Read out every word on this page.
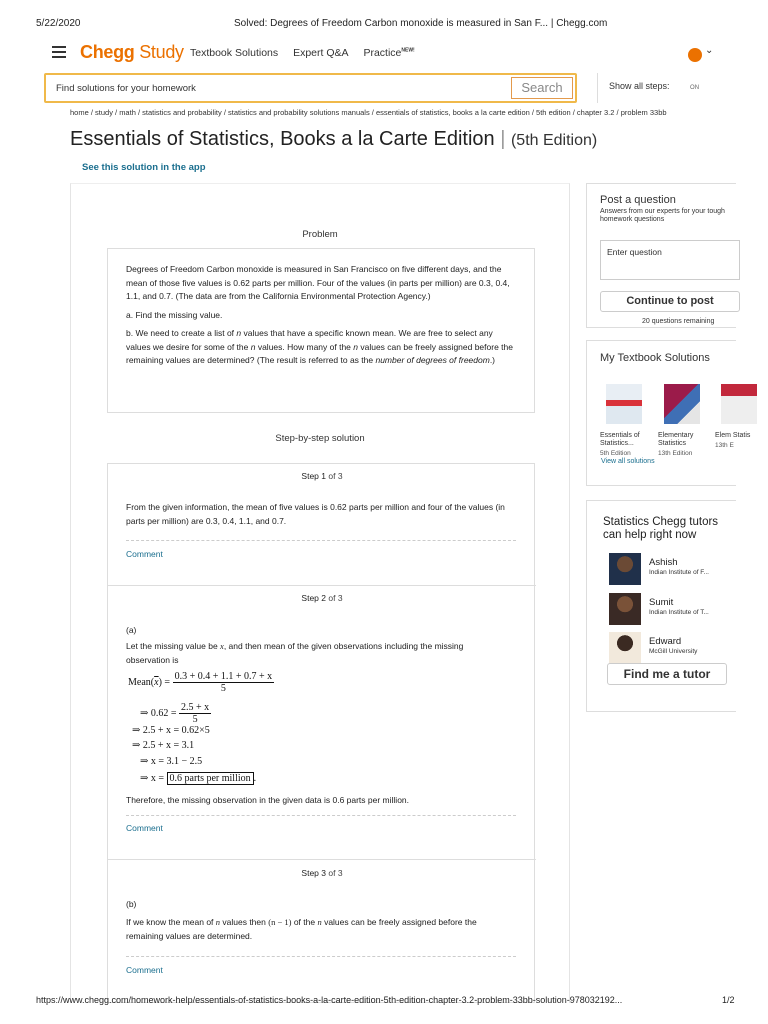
5/22/2020	Solved: Degrees of Freedom Carbon monoxide is measured in San F... | Chegg.com
Chegg Study Textbook Solutions Expert Q&A Practice$^{NEW!}$	⌄
Find solutions for your homework	Search	Show all steps:	ON
home / study / math / statistics and probability / statistics and probability solutions manuals / essentials of statistics, books a la carte edition / 5th edition / chapter 3.2 / problem 33bb
Essentials of Statistics, Books a la Carte Edition | (5th Edition)
See this solution in the app
Problem

Degrees of Freedom Carbon monoxide is measured in San Francisco on five different days, and the mean of those five values is 0.62 parts per million. Four of the values (in parts per million) are 0.3, 0.4, 1.1, and 0.7. (The data are from the California Environmental Protection Agency.)

a. Find the missing value.

b. We need to create a list of n values that have a specific known mean. We are free to select any values we desire for some of the n values. How many of the n values can be freely assigned before the remaining values are determined? (The result is referred to as the number of degrees of freedom.)

Step-by-step solution
Step 1 of 3
From the given information, the mean of five values is 0.62 parts per million and four of the values (in parts per million) are 0.3, 0.4, 1.1, and 0.7.
Comment
Step 2 of 3
(a)
Let the missing value be x, and then mean of the given observations including the missing observation is
$Mean(\overline{x}) = \frac{0.3 + 0.4 + 1.1 + 0.7 + x}{5}$
⇒ $0.62 = \frac{2.5 + x}{5}$
⇒ 2.5 + x = 0.62×5
⇒ 2.5 + x = 3.1
⇒ x = 3.1 − 2.5
⇒ x = 0.6 parts per million .
Therefore, the missing observation in the given data is 0.6 parts per million.
Comment
Step 3 of 3
(b)
If we know the mean of n values then (n − 1) of the n values can be freely assigned before the remaining values are determined.
Comment
Post a question
Answers from our experts for your tough homework questions
Enter question
Continue to post
20 questions remaining
My Textbook Solutions
Essentials of Statistics...
5th Edition
Elementary Statistics
13th Edition
Elem Statis
13th E
View all solutions
Statistics Chegg tutors can help right now
Ashish
Indian Institute of F...
Sumit
Indian Institute of T...
Edward
McGill University
Find me a tutor
https://www.chegg.com/homework-help/essentials-of-statistics-books-a-la-carte-edition-5th-edition-chapter-3.2-problem-33bb-solution-978032192...	1/2
